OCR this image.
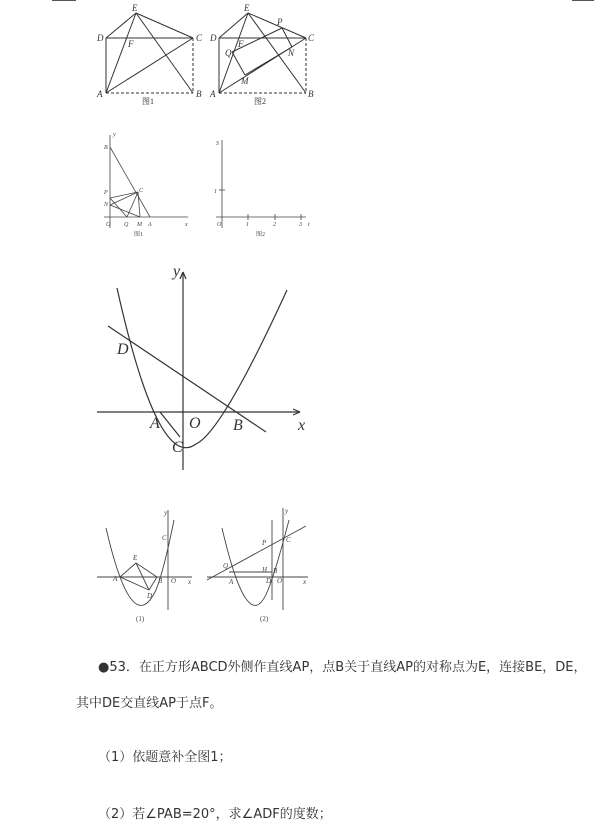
E
D	C
F
A	B
图1
E
D	C
P
F
Q	N
M
A	B
图2
y
B
P
N
C
O Q M A	x
图1
S
1
O	1	2	3 t
图2
y
x
D
A O B
C
y
C
E
A	B
D
O x
(1)
y
C
P
Q
A
H B
D O	x
(2)
●53．在正方形ABCD外侧作直线AP，点B关于直线AP的对称点为E，连接BE，DE，
其中DE交直线AP于点F。
（1）依题意补全图1；
（2）若∠PAB=20°，求∠ADF的度数；
